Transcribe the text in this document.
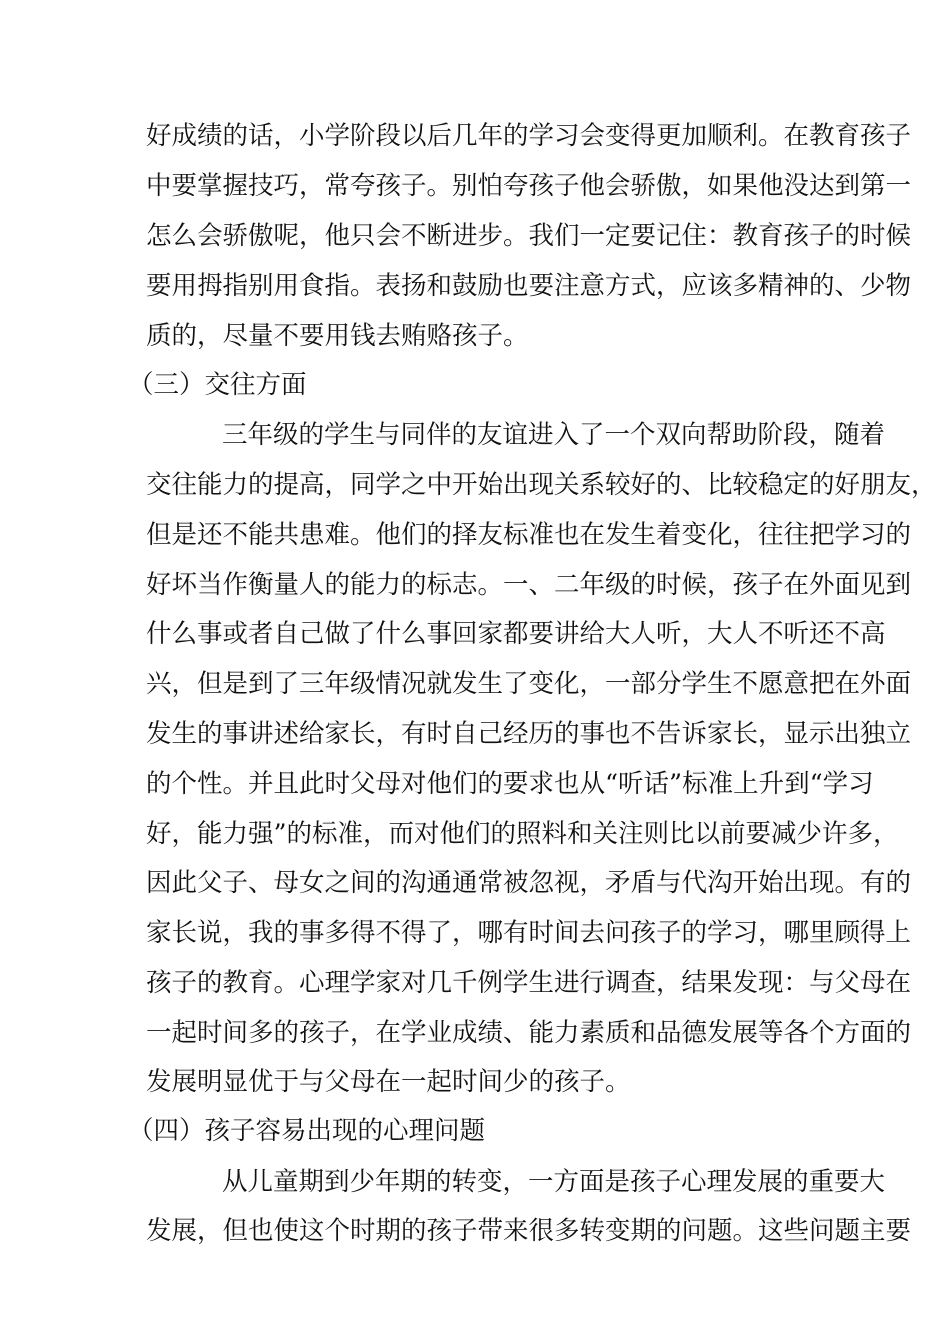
好成绩的话，小学阶段以后几年的学习会变得更加顺利。在教育孩子
中要掌握技巧，常夸孩子。别怕夸孩子他会骄傲，如果他没达到第一
怎么会骄傲呢，他只会不断进步。我们一定要记住：教育孩子的时候
要用拇指别用食指。表扬和鼓励也要注意方式，应该多精神的、少物
质的，尽量不要用钱去贿赂孩子。
（三）交往方面
三年级的学生与同伴的友谊进入了一个双向帮助阶段，随着
交往能力的提高，同学之中开始出现关系较好的、比较稳定的好朋友，
但是还不能共患难。他们的择友标准也在发生着变化，往往把学习的
好坏当作衡量人的能力的标志。一、二年级的时候，孩子在外面见到
什么事或者自己做了什么事回家都要讲给大人听，大人不听还不高
兴，但是到了三年级情况就发生了变化，一部分学生不愿意把在外面
发生的事讲述给家长，有时自己经历的事也不告诉家长，显示出独立
的个性。并且此时父母对他们的要求也从“听话”标准上升到“学习
好，能力强”的标准，而对他们的照料和关注则比以前要减少许多，
因此父子、母女之间的沟通通常被忽视，矛盾与代沟开始出现。有的
家长说，我的事多得不得了，哪有时间去问孩子的学习，哪里顾得上
孩子的教育。心理学家对几千例学生进行调查，结果发现：与父母在
一起时间多的孩子，在学业成绩、能力素质和品德发展等各个方面的
发展明显优于与父母在一起时间少的孩子。
（四）孩子容易出现的心理问题
从儿童期到少年期的转变，一方面是孩子心理发展的重要大
发展，但也使这个时期的孩子带来很多转变期的问题。这些问题主要
